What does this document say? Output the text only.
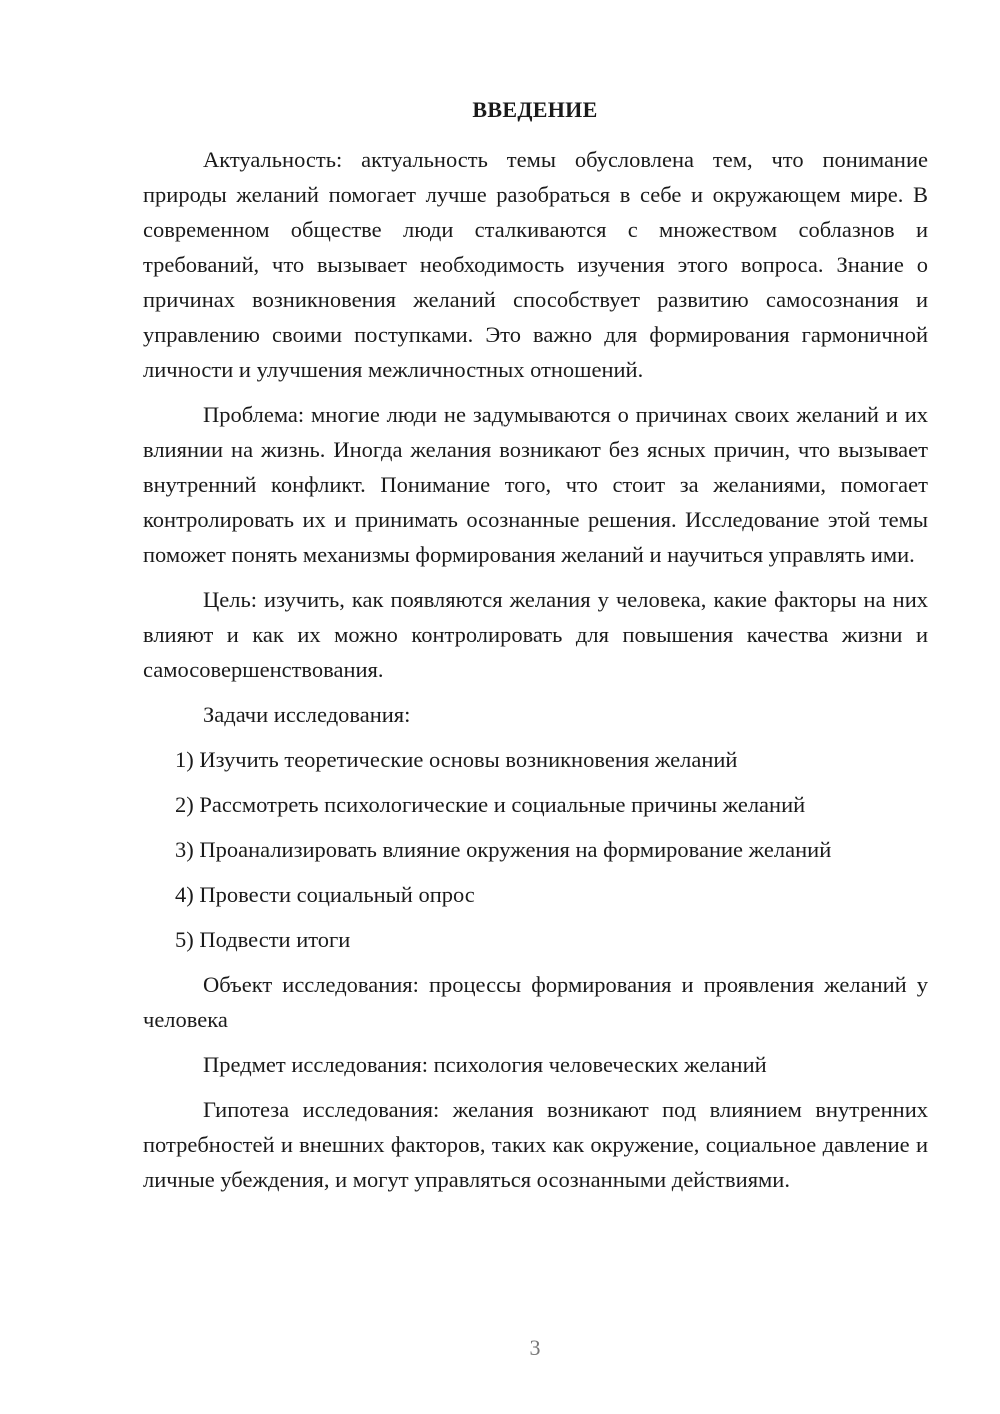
ВВЕДЕНИЕ

Актуальность: актуальность темы обусловлена тем, что понимание природы желаний помогает лучше разобраться в себе и окружающем мире. В современном обществе люди сталкиваются с множеством соблазнов и требований, что вызывает необходимость изучения этого вопроса. Знание о причинах возникновения желаний способствует развитию самосознания и управлению своими поступками. Это важно для формирования гармоничной личности и улучшения межличностных отношений.

Проблема: многие люди не задумываются о причинах своих желаний и их влиянии на жизнь. Иногда желания возникают без ясных причин, что вызывает внутренний конфликт. Понимание того, что стоит за желаниями, помогает контролировать их и принимать осознанные решения. Исследование этой темы поможет понять механизмы формирования желаний и научиться управлять ими.

Цель: изучить, как появляются желания у человека, какие факторы на них влияют и как их можно контролировать для повышения качества жизни и самосовершенствования.

Задачи исследования:

1) Изучить теоретические основы возникновения желаний
2) Рассмотреть психологические и социальные причины желаний
3) Проанализировать влияние окружения на формирование желаний
4) Провести социальный опрос
5) Подвести итоги

Объект исследования: процессы формирования и проявления желаний у человека

Предмет исследования: психология человеческих желаний

Гипотеза исследования: желания возникают под влиянием внутренних потребностей и внешних факторов, таких как окружение, социальное давление и личные убеждения, и могут управляться осознанными действиями.

3
